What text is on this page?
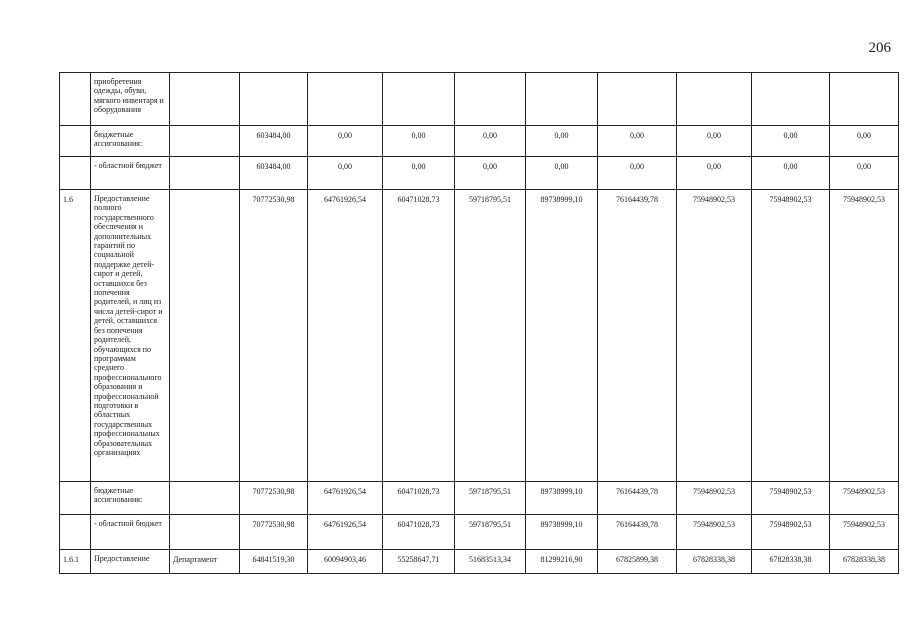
206
	приобретения одежды, обуви, мягкого инвентаря и оборудования										
	бюджетные ассигнования:		603484,00	0,00	0,00	0,00	0,00	0,00	0,00	0,00	0,00
	- областной бюджет		603484,00	0,00	0,00	0,00	0,00	0,00	0,00	0,00	0,00
1.6	Предоставление полного государственного обеспечения и дополнительных гарантий по социальной поддержке детей-сирот и детей, оставшихся без попечения родителей, и лиц из числа детей-сирот и детей, оставшихся без попечения родителей, обучающихся по программам среднего профессионального образования и профессиональной подготовки в областных государственных профессиональных образовательных организациях		70772530,98	64761926,54	60471028,73	59718795,51	89738999,10	76164439,78	75948902,53	75948902,53	75948902,53
	бюджетные ассигнования:		70772530,98	64761926,54	60471028,73	59718795,51	89738999,10	76164439,78	75948902,53	75948902,53	75948902,53
	- областной бюджет		70772530,98	64761926,54	60471028,73	59718795,51	89738999,10	76164439,78	75948902,53	75948902,53	75948902,53
1.6.1	Предоставление	Департамент	64841519,30	60094903,46	55258647,71	51683513,34	81299216,90	67825899,38	67828338,38	67828338,38	67828338,38
